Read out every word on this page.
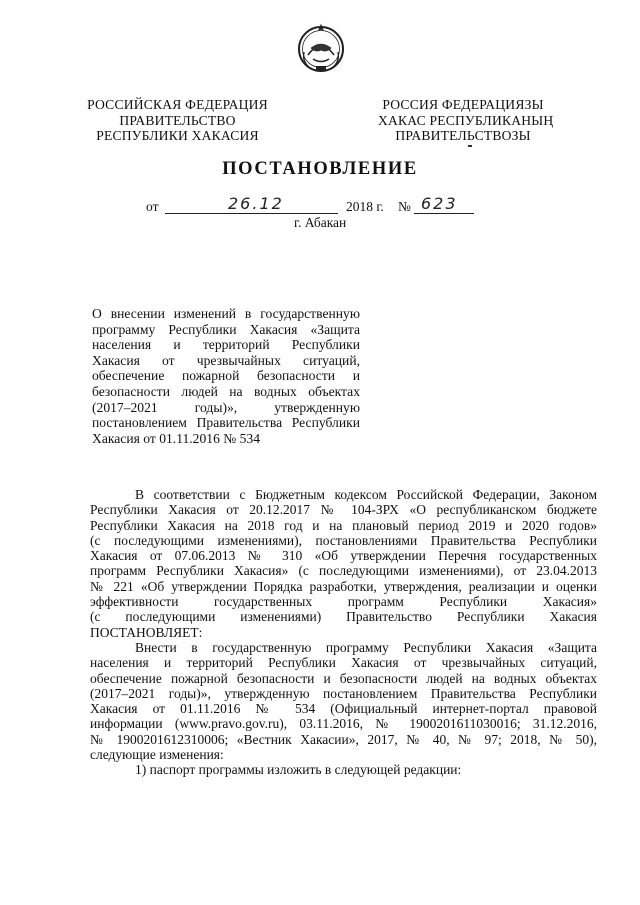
РОССИЙСКАЯ ФЕДЕРАЦИЯ
ПРАВИТЕЛЬСТВО
РЕСПУБЛИКИ ХАКАСИЯ
РОССИЯ ФЕДЕРАЦИЯЗЫ
ХАКАС РЕСПУБЛИКАНЫҢ
ПРАВИТЕЛЬСТВОЗЫ
ПОСТАНОВЛЕНИЕ
от	26.12	2018 г. № 623
г. Абакан
О внесении изменений в государственную
программу Республики Хакасия «Защита
населения и территорий Республики
Хакасия от чрезвычайных ситуаций,
обеспечение пожарной безопасности и
безопасности людей на водных объектах
(2017–2021 годы)», утвержденную
постановлением Правительства Республики
Хакасия от 01.11.2016 № 534
В соответствии с Бюджетным кодексом Российской Федерации, Законом
Республики Хакасия от 20.12.2017 № 104-ЗРХ «О республиканском бюджете
Республики Хакасия на 2018 год и на плановый период 2019 и 2020 годов»
(с последующими изменениями), постановлениями Правительства Республики
Хакасия от 07.06.2013 № 310 «Об утверждении Перечня государственных
программ Республики Хакасия» (с последующими изменениями), от 23.04.2013
№ 221 «Об утверждении Порядка разработки, утверждения, реализации и оценки
эффективности государственных программ Республики Хакасия»
(с последующими изменениями) Правительство Республики Хакасия
ПОСТАНОВЛЯЕТ:
Внести в государственную программу Республики Хакасия «Защита
населения и территорий Республики Хакасия от чрезвычайных ситуаций,
обеспечение пожарной безопасности и безопасности людей на водных объектах
(2017–2021 годы)», утвержденную постановлением Правительства Республики
Хакасия от 01.11.2016 № 534 (Официальный интернет-портал правовой
информации (www.pravo.gov.ru), 03.11.2016, № 1900201611030016; 31.12.2016,
№ 1900201612310006; «Вестник Хакасии», 2017, № 40, № 97; 2018, № 50),
следующие изменения:
1) паспорт программы изложить в следующей редакции:
